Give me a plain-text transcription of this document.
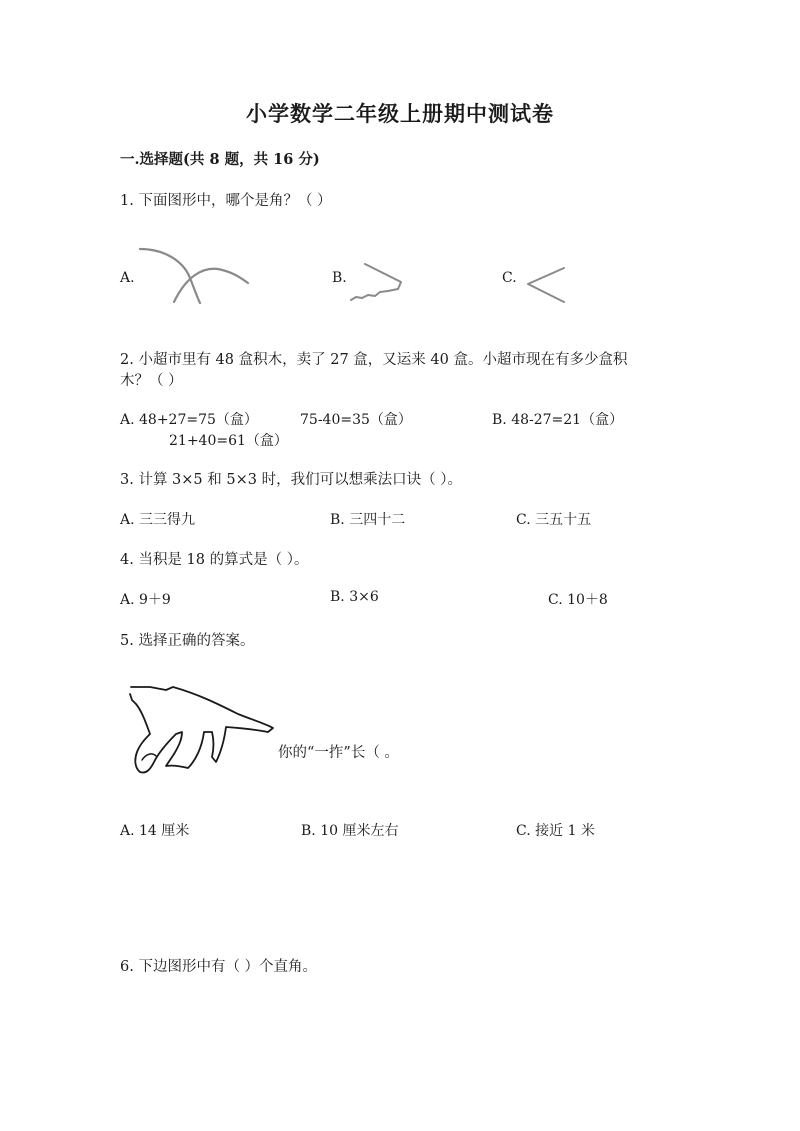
小学数学二年级上册期中测试卷
一.选择题(共 8 题，共 16 分)
1. 下面图形中，哪个是角？（ ）
A.	B.	C.
2. 小超市里有 48 盒积木，卖了 27 盒，又运来 40 盒。小超市现在有多少盒积
木？（ ）
A. 48+27=75（盒）	75-40=35（盒）	B. 48-27=21（盒）
21+40=61（盒）
3. 计算 3×5 和 5×3 时，我们可以想乘法口诀（ ）。
A. 三三得九	B. 三四十二	C. 三五十五
4. 当积是 18 的算式是（ ）。
A. 9＋9	B. 3×6	C. 10＋8
5. 选择正确的答案。
你的“一拃”长（ 。
A. 14 厘米	B. 10 厘米左右	C. 接近 1 米
6. 下边图形中有（ ）个直角。
